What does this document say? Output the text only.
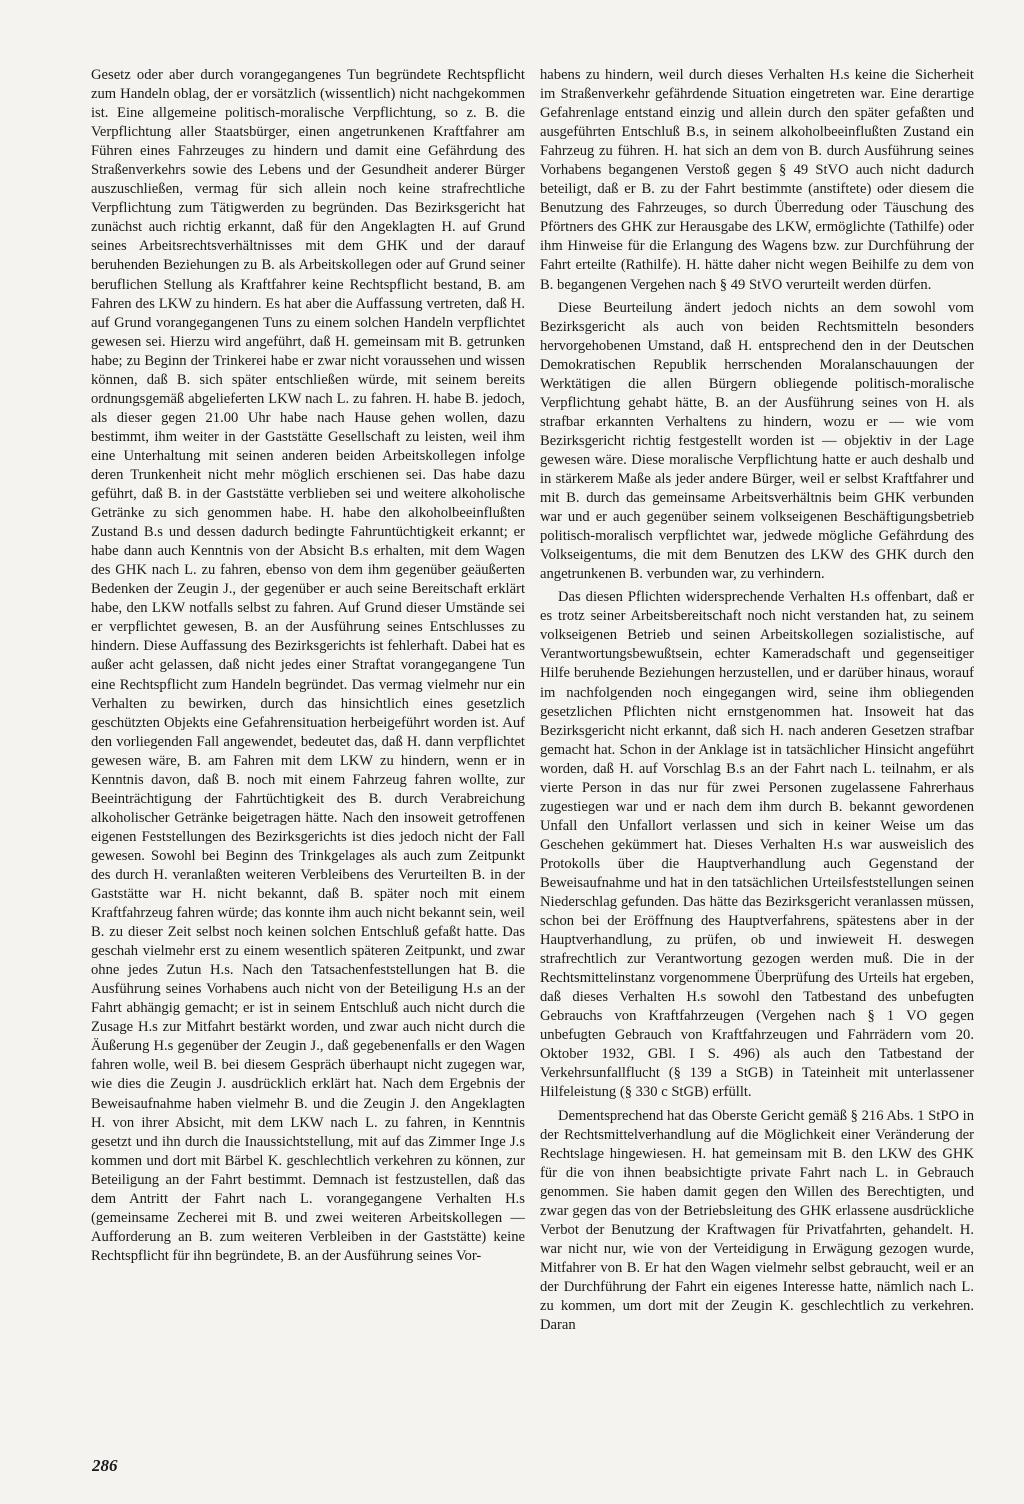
Gesetz oder aber durch vorangegangenes Tun begründete Rechtspflicht zum Handeln oblag, der er vorsätzlich (wissentlich) nicht nachgekommen ist. Eine allgemeine politisch-moralische Verpflichtung, so z. B. die Verpflichtung aller Staatsbürger, einen angetrunkenen Kraftfahrer am Führen eines Fahrzeuges zu hindern und damit eine Gefährdung des Straßenverkehrs sowie des Lebens und der Gesundheit anderer Bürger auszuschließen, vermag für sich allein noch keine strafrechtliche Verpflichtung zum Tätigwerden zu begründen. Das Bezirksgericht hat zunächst auch richtig erkannt, daß für den Angeklagten H. auf Grund seines Arbeitsrechtsverhältnisses mit dem GHK und der darauf beruhenden Beziehungen zu B. als Arbeitskollegen oder auf Grund seiner beruflichen Stellung als Kraftfahrer keine Rechtspflicht bestand, B. am Fahren des LKW zu hindern. Es hat aber die Auffassung vertreten, daß H. auf Grund vorangegangenen Tuns zu einem solchen Handeln verpflichtet gewesen sei. Hierzu wird angeführt, daß H. gemeinsam mit B. getrunken habe; zu Beginn der Trinkerei habe er zwar nicht voraussehen und wissen können, daß B. sich später entschließen würde, mit seinem bereits ordnungsgemäß abgelieferten LKW nach L. zu fahren. H. habe B. jedoch, als dieser gegen 21.00 Uhr habe nach Hause gehen wollen, dazu bestimmt, ihm weiter in der Gaststätte Gesellschaft zu leisten, weil ihm eine Unterhaltung mit seinen anderen beiden Arbeitskollegen infolge deren Trunkenheit nicht mehr möglich erschienen sei. Das habe dazu geführt, daß B. in der Gaststätte verblieben sei und weitere alkoholische Getränke zu sich genommen habe. H. habe den alkoholbeeinflußten Zustand B.s und dessen dadurch bedingte Fahruntüchtigkeit erkannt; er habe dann auch Kenntnis von der Absicht B.s erhalten, mit dem Wagen des GHK nach L. zu fahren, ebenso von dem ihm gegenüber geäußerten Bedenken der Zeugin J., der gegenüber er auch seine Bereitschaft erklärt habe, den LKW notfalls selbst zu fahren. Auf Grund dieser Umstände sei er verpflichtet gewesen, B. an der Ausführung seines Entschlusses zu hindern. Diese Auffassung des Bezirksgerichts ist fehlerhaft. Dabei hat es außer acht gelassen, daß nicht jedes einer Straftat vorangegangene Tun eine Rechtspflicht zum Handeln begründet. Das vermag vielmehr nur ein Verhalten zu bewirken, durch das hinsichtlich eines gesetzlich geschützten Objekts eine Gefahrensituation herbeigeführt worden ist. Auf den vorliegenden Fall angewendet, bedeutet das, daß H. dann verpflichtet gewesen wäre, B. am Fahren mit dem LKW zu hindern, wenn er in Kenntnis davon, daß B. noch mit einem Fahrzeug fahren wollte, zur Beeinträchtigung der Fahrtüchtigkeit des B. durch Verabreichung alkoholischer Getränke beigetragen hätte. Nach den insoweit getroffenen eigenen Feststellungen des Bezirksgerichts ist dies jedoch nicht der Fall gewesen. Sowohl bei Beginn des Trinkgelages als auch zum Zeitpunkt des durch H. veranlaßten weiteren Verbleibens des Verurteilten B. in der Gaststätte war H. nicht bekannt, daß B. später noch mit einem Kraftfahrzeug fahren würde; das konnte ihm auch nicht bekannt sein, weil B. zu dieser Zeit selbst noch keinen solchen Entschluß gefaßt hatte. Das geschah vielmehr erst zu einem wesentlich späteren Zeitpunkt, und zwar ohne jedes Zutun H.s. Nach den Tatsachenfeststellungen hat B. die Ausführung seines Vorhabens auch nicht von der Beteiligung H.s an der Fahrt abhängig gemacht; er ist in seinem Entschluß auch nicht durch die Zusage H.s zur Mitfahrt bestärkt worden, und zwar auch nicht durch die Äußerung H.s gegenüber der Zeugin J., daß gegebenenfalls er den Wagen fahren wolle, weil B. bei diesem Gespräch überhaupt nicht zugegen war, wie dies die Zeugin J. ausdrücklich erklärt hat. Nach dem Ergebnis der Beweisaufnahme haben vielmehr B. und die Zeugin J. den Angeklagten H. von ihrer Absicht, mit dem LKW nach L. zu fahren, in Kenntnis gesetzt und ihn durch die Inaussichtstellung, mit auf das Zimmer Inge J.s kommen und dort mit Bärbel K. geschlechtlich verkehren zu können, zur Beteiligung an der Fahrt bestimmt. Demnach ist festzustellen, daß das dem Antritt der Fahrt nach L. vorangegangene Verhalten H.s (gemeinsame Zecherei mit B. und zwei weiteren Arbeitskollegen — Aufforderung an B. zum weiteren Verbleiben in der Gaststätte) keine Rechtspflicht für ihn begründete, B. an der Ausführung seines Vor-

habens zu hindern, weil durch dieses Verhalten H.s keine die Sicherheit im Straßenverkehr gefährdende Situation eingetreten war. Eine derartige Gefahrenlage entstand einzig und allein durch den später gefaßten und ausgeführten Entschluß B.s, in seinem alkoholbeeinflußten Zustand ein Fahrzeug zu führen. H. hat sich an dem von B. durch Ausführung seines Vorhabens begangenen Verstoß gegen § 49 StVO auch nicht dadurch beteiligt, daß er B. zu der Fahrt bestimmte (anstiftete) oder diesem die Benutzung des Fahrzeuges, so durch Überredung oder Täuschung des Pförtners des GHK zur Herausgabe des LKW, ermöglichte (Tathilfe) oder ihm Hinweise für die Erlangung des Wagens bzw. zur Durchführung der Fahrt erteilte (Rathilfe). H. hätte daher nicht wegen Beihilfe zu dem von B. begangenen Vergehen nach § 49 StVO verurteilt werden dürfen.

Diese Beurteilung ändert jedoch nichts an dem sowohl vom Bezirksgericht als auch von beiden Rechtsmitteln besonders hervorgehobenen Umstand, daß H. entsprechend den in der Deutschen Demokratischen Republik herrschenden Moralanschauungen der Werktätigen die allen Bürgern obliegende politisch-moralische Verpflichtung gehabt hätte, B. an der Ausführung seines von H. als strafbar erkannten Verhaltens zu hindern, wozu er — wie vom Bezirksgericht richtig festgestellt worden ist — objektiv in der Lage gewesen wäre. Diese moralische Verpflichtung hatte er auch deshalb und in stärkerem Maße als jeder andere Bürger, weil er selbst Kraftfahrer und mit B. durch das gemeinsame Arbeitsverhältnis beim GHK verbunden war und er auch gegenüber seinem volkseigenen Beschäftigungsbetrieb politisch-moralisch verpflichtet war, jedwede mögliche Gefährdung des Volkseigentums, die mit dem Benutzen des LKW des GHK durch den angetrunkenen B. verbunden war, zu verhindern.

Das diesen Pflichten widersprechende Verhalten H.s offenbart, daß er es trotz seiner Arbeitsbereitschaft noch nicht verstanden hat, zu seinem volkseigenen Betrieb und seinen Arbeitskollegen sozialistische, auf Verantwortungsbewußtsein, echter Kameradschaft und gegenseitiger Hilfe beruhende Beziehungen herzustellen, und er darüber hinaus, worauf im nachfolgenden noch eingegangen wird, seine ihm obliegenden gesetzlichen Pflichten nicht ernstgenommen hat. Insoweit hat das Bezirksgericht nicht erkannt, daß sich H. nach anderen Gesetzen strafbar gemacht hat. Schon in der Anklage ist in tatsächlicher Hinsicht angeführt worden, daß H. auf Vorschlag B.s an der Fahrt nach L. teilnahm, er als vierte Person in das nur für zwei Personen zugelassene Fahrerhaus zugestiegen war und er nach dem ihm durch B. bekannt gewordenen Unfall den Unfallort verlassen und sich in keiner Weise um das Geschehen gekümmert hat. Dieses Verhalten H.s war ausweislich des Protokolls über die Hauptverhandlung auch Gegenstand der Beweisaufnahme und hat in den tatsächlichen Urteilsfeststellungen seinen Niederschlag gefunden. Das hätte das Bezirksgericht veranlassen müssen, schon bei der Eröffnung des Hauptverfahrens, spätestens aber in der Hauptverhandlung, zu prüfen, ob und inwieweit H. deswegen strafrechtlich zur Verantwortung gezogen werden muß. Die in der Rechtsmittelinstanz vorgenommene Überprüfung des Urteils hat ergeben, daß dieses Verhalten H.s sowohl den Tatbestand des unbefugten Gebrauchs von Kraftfahrzeugen (Vergehen nach § 1 VO gegen unbefugten Gebrauch von Kraftfahrzeugen und Fahrrädern vom 20. Oktober 1932, GBl. I S. 496) als auch den Tatbestand der Verkehrsunfallflucht (§ 139 a StGB) in Tateinheit mit unterlassener Hilfeleistung (§ 330 c StGB) erfüllt.

Dementsprechend hat das Oberste Gericht gemäß § 216 Abs. 1 StPO in der Rechtsmittelverhandlung auf die Möglichkeit einer Veränderung der Rechtslage hingewiesen. H. hat gemeinsam mit B. den LKW des GHK für die von ihnen beabsichtigte private Fahrt nach L. in Gebrauch genommen. Sie haben damit gegen den Willen des Berechtigten, und zwar gegen das von der Betriebsleitung des GHK erlassene ausdrückliche Verbot der Benutzung der Kraftwagen für Privatfahrten, gehandelt. H. war nicht nur, wie von der Verteidigung in Erwägung gezogen wurde, Mitfahrer von B. Er hat den Wagen vielmehr selbst gebraucht, weil er an der Durchführung der Fahrt ein eigenes Interesse hatte, nämlich nach L. zu kommen, um dort mit der Zeugin K. geschlechtlich zu verkehren. Daran

286
